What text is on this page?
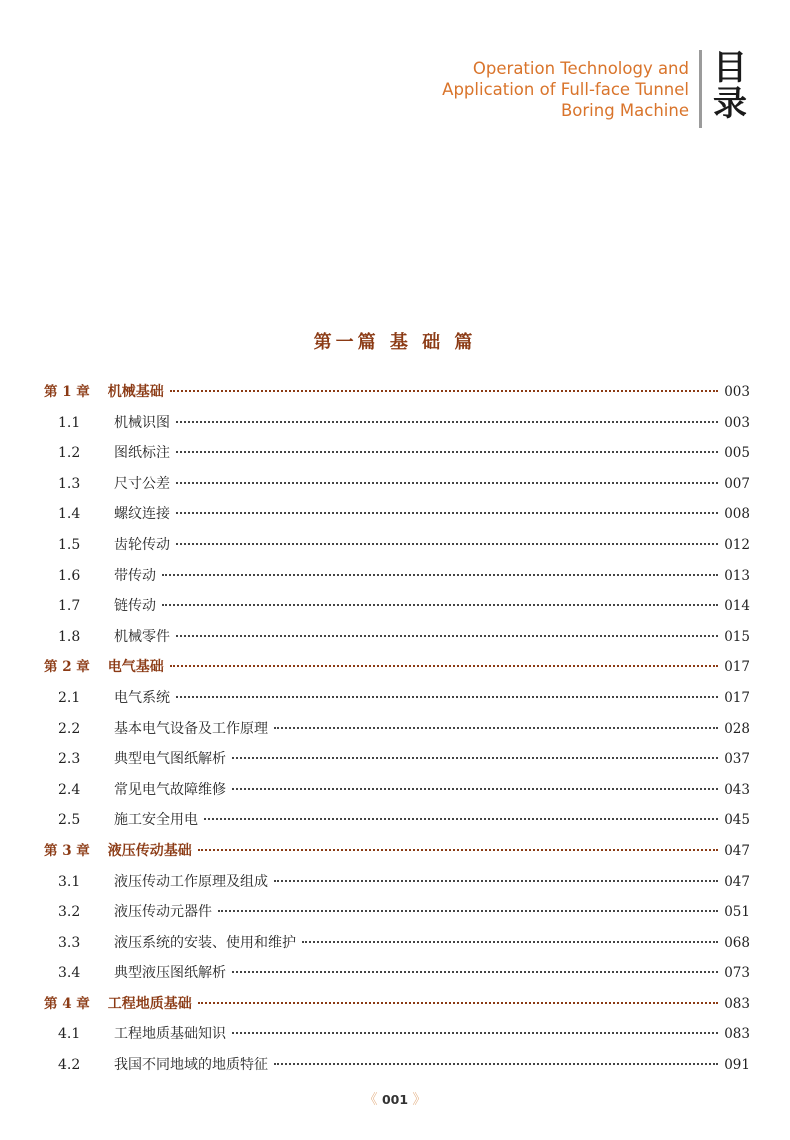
Operation Technology and
Application of Full-face Tunnel
Boring Machine
目
录
第一篇 基 础 篇
第 1 章	机械基础	003
1.1	机械识图	003
1.2	图纸标注	005
1.3	尺寸公差	007
1.4	螺纹连接	008
1.5	齿轮传动	012
1.6	带传动	013
1.7	链传动	014
1.8	机械零件	015
第 2 章	电气基础	017
2.1	电气系统	017
2.2	基本电气设备及工作原理	028
2.3	典型电气图纸解析	037
2.4	常见电气故障维修	043
2.5	施工安全用电	045
第 3 章	液压传动基础	047
3.1	液压传动工作原理及组成	047
3.2	液压传动元器件	051
3.3	液压系统的安装、使用和维护	068
3.4	典型液压图纸解析	073
第 4 章	工程地质基础	083
4.1	工程地质基础知识	083
4.2	我国不同地域的地质特征	091
《 001 》
